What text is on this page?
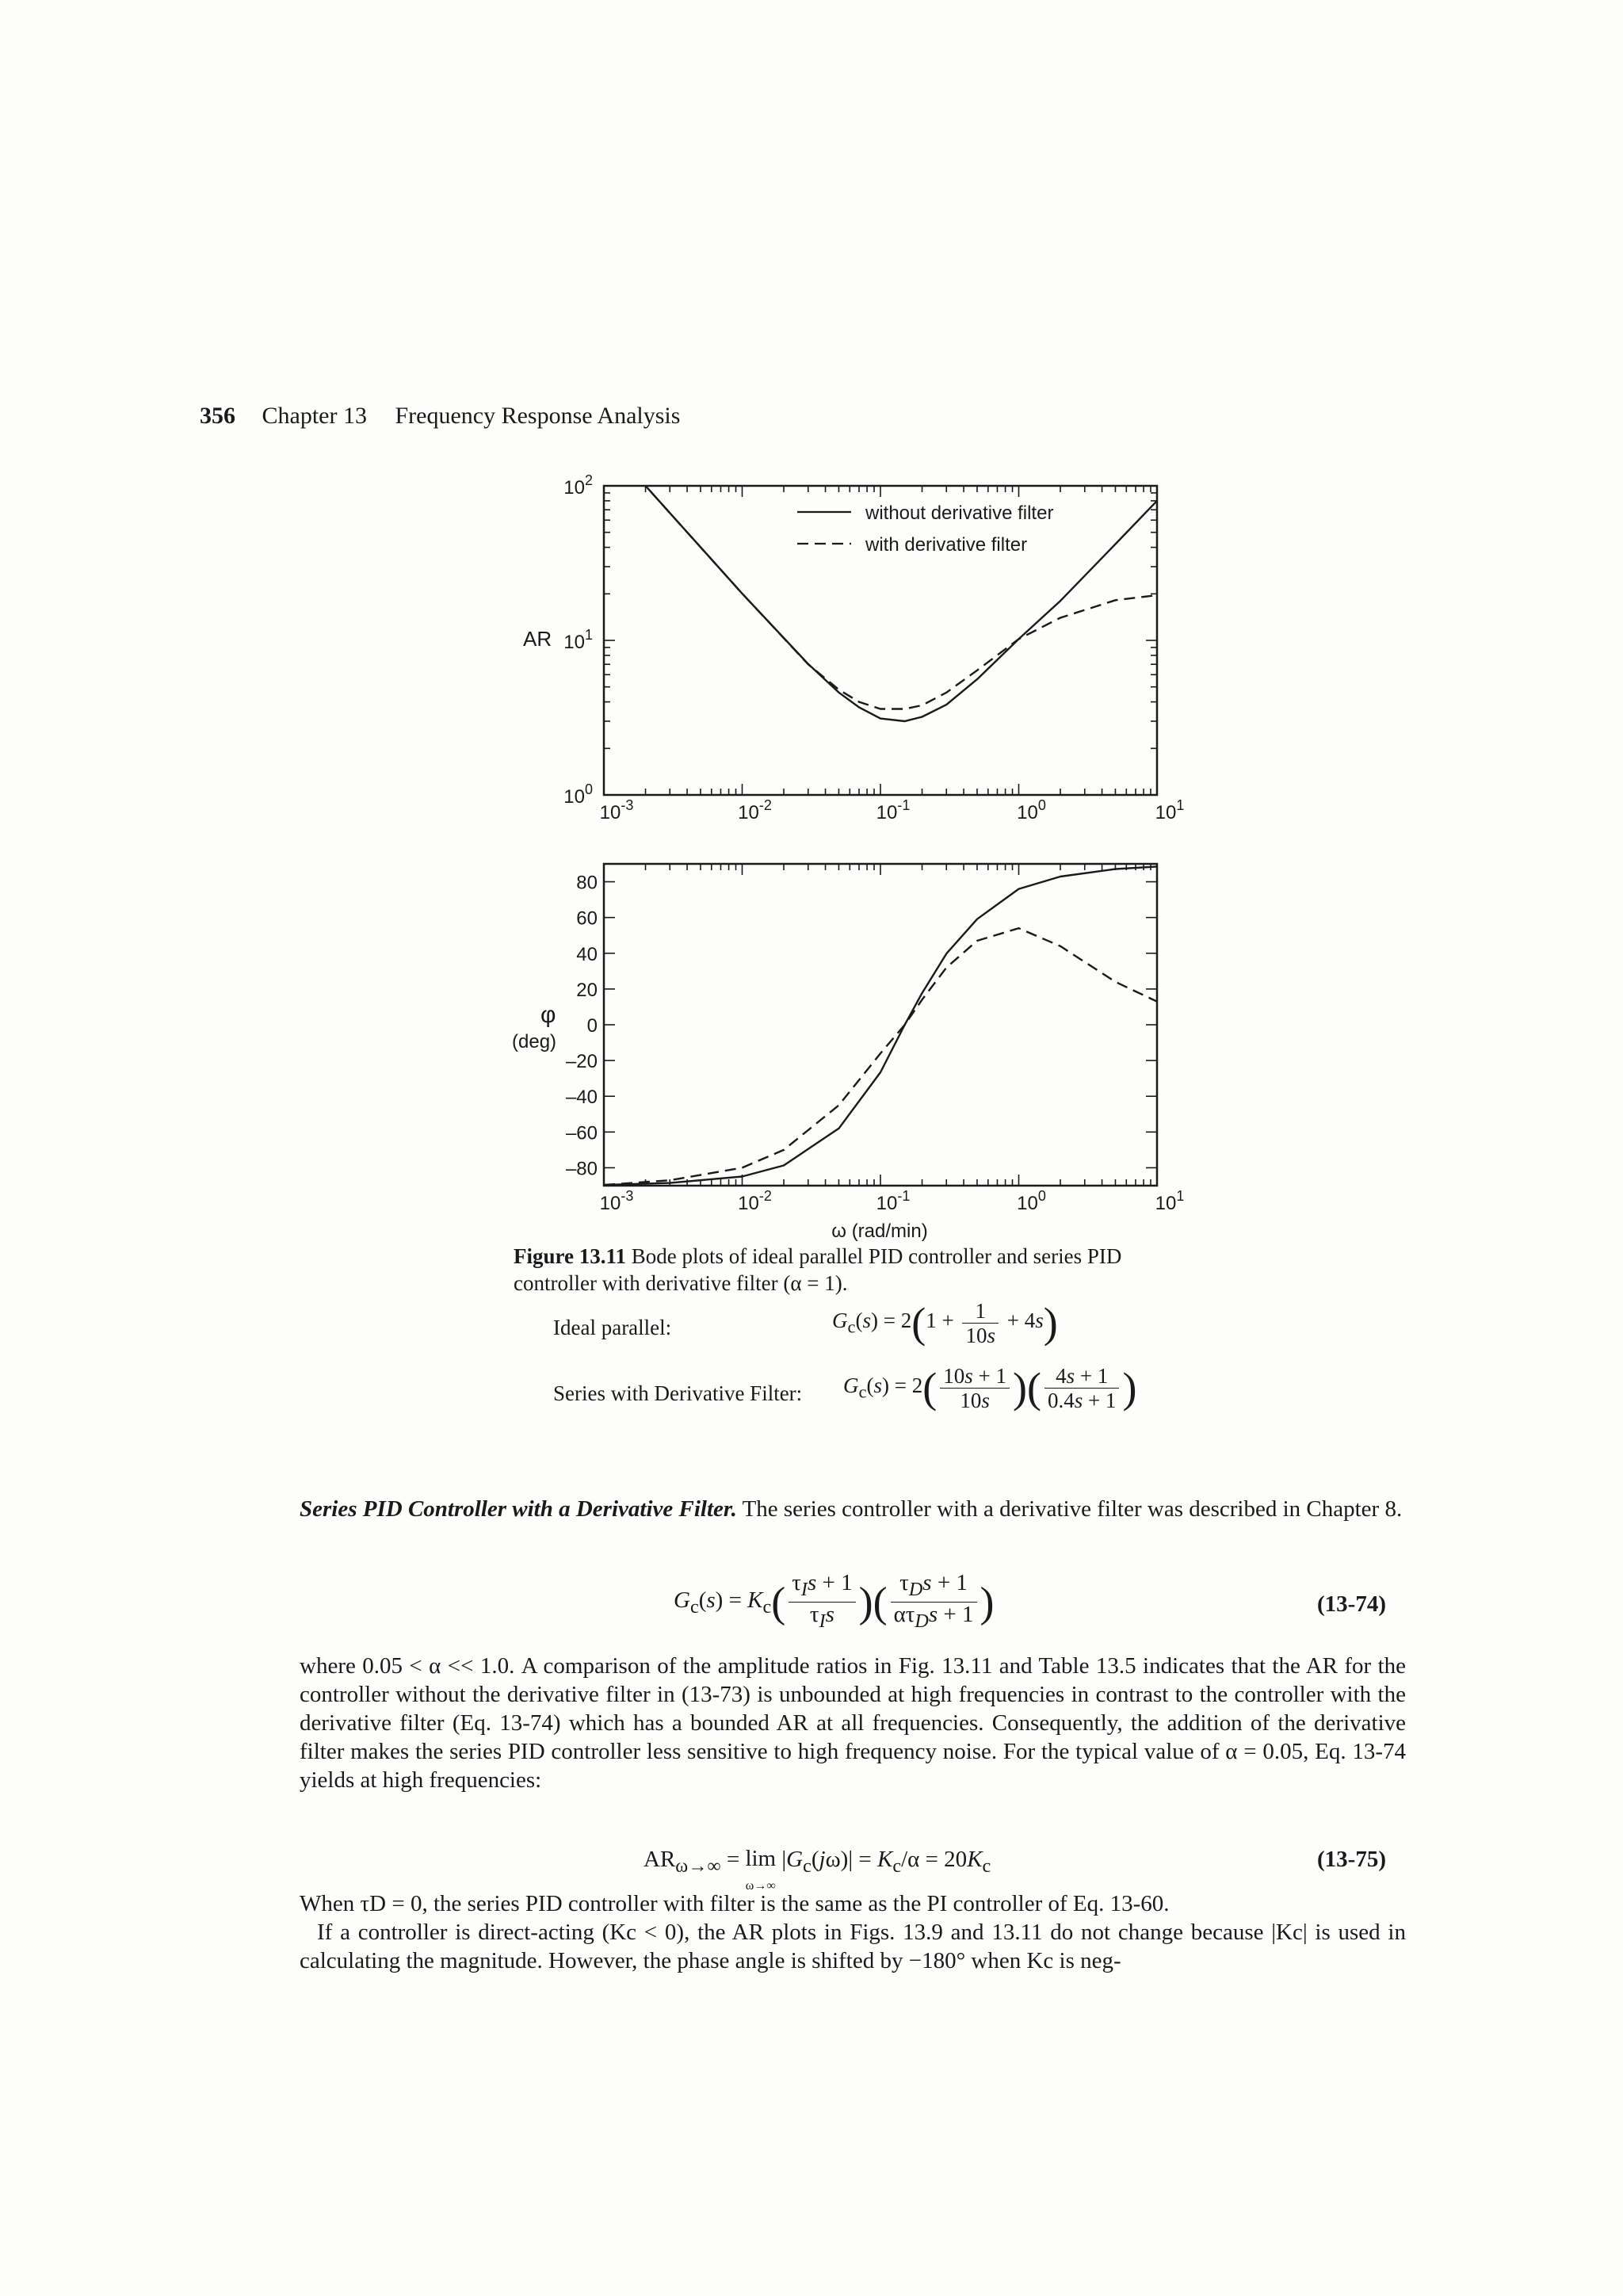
356 Chapter 13 Frequency Response Analysis
without derivative filter
with derivative filter
AR
$10^2$
$10^1$
$10^0$
$10^{-3}$	$10^{-2}$	$10^{-1}$	$10^0$	$10^1$
80
60
40
20
0
–20
–40
–60
–80
$10^{-3}$	$10^{-2}$	$10^{-1}$	$10^0$	$10^1$
φ
(deg)
ω (rad/min)
Figure 13.11 Bode plots of ideal parallel PID controller and series PID controller with derivative filter (α = 1).
Ideal parallel:	$G_c(s) = 2(1 + \frac{1}{10s} + 4s)$
Series with Derivative Filter: $G_c(s) = 2( \frac{10s + 1}{10s}$ )( $\frac{4s + 1}{0.4s + 1}$ )
Series PID Controller with a Derivative Filter. The series controller with a derivative filter was described in Chapter 8.
$G_c(s) = K_c( \frac{\tau_Is + 1}{\tau_Is}$ )( $\frac{\tau_Ds + 1}{\alpha\tau_Ds + 1}$ )	(13-74)
where 0.05 < α << 1.0. A comparison of the amplitude ratios in Fig. 13.11 and Table 13.5 indicates that the AR for the controller without the derivative filter in (13-73) is unbounded at high frequencies in contrast to the controller with the derivative filter (Eq. 13-74) which has a bounded AR at all frequencies. Consequently, the addition of the derivative filter makes the series PID controller less sensitive to high frequency noise. For the typical value of α = 0.05, Eq. 13-74 yields at high frequencies:
$AR_{\omega\to\infty} = \lim$
ω→∞ $|G_c(j\omega)| = K_c/\alpha = 20K_c$	(13-75)
When τD = 0, the series PID controller with filter is the same as the PI controller of Eq. 13-60.
If a controller is direct-acting (Kc < 0), the AR plots in Figs. 13.9 and 13.11 do not change because |Kc| is used in calculating the magnitude. However, the phase angle is shifted by −180° when Kc is neg-
